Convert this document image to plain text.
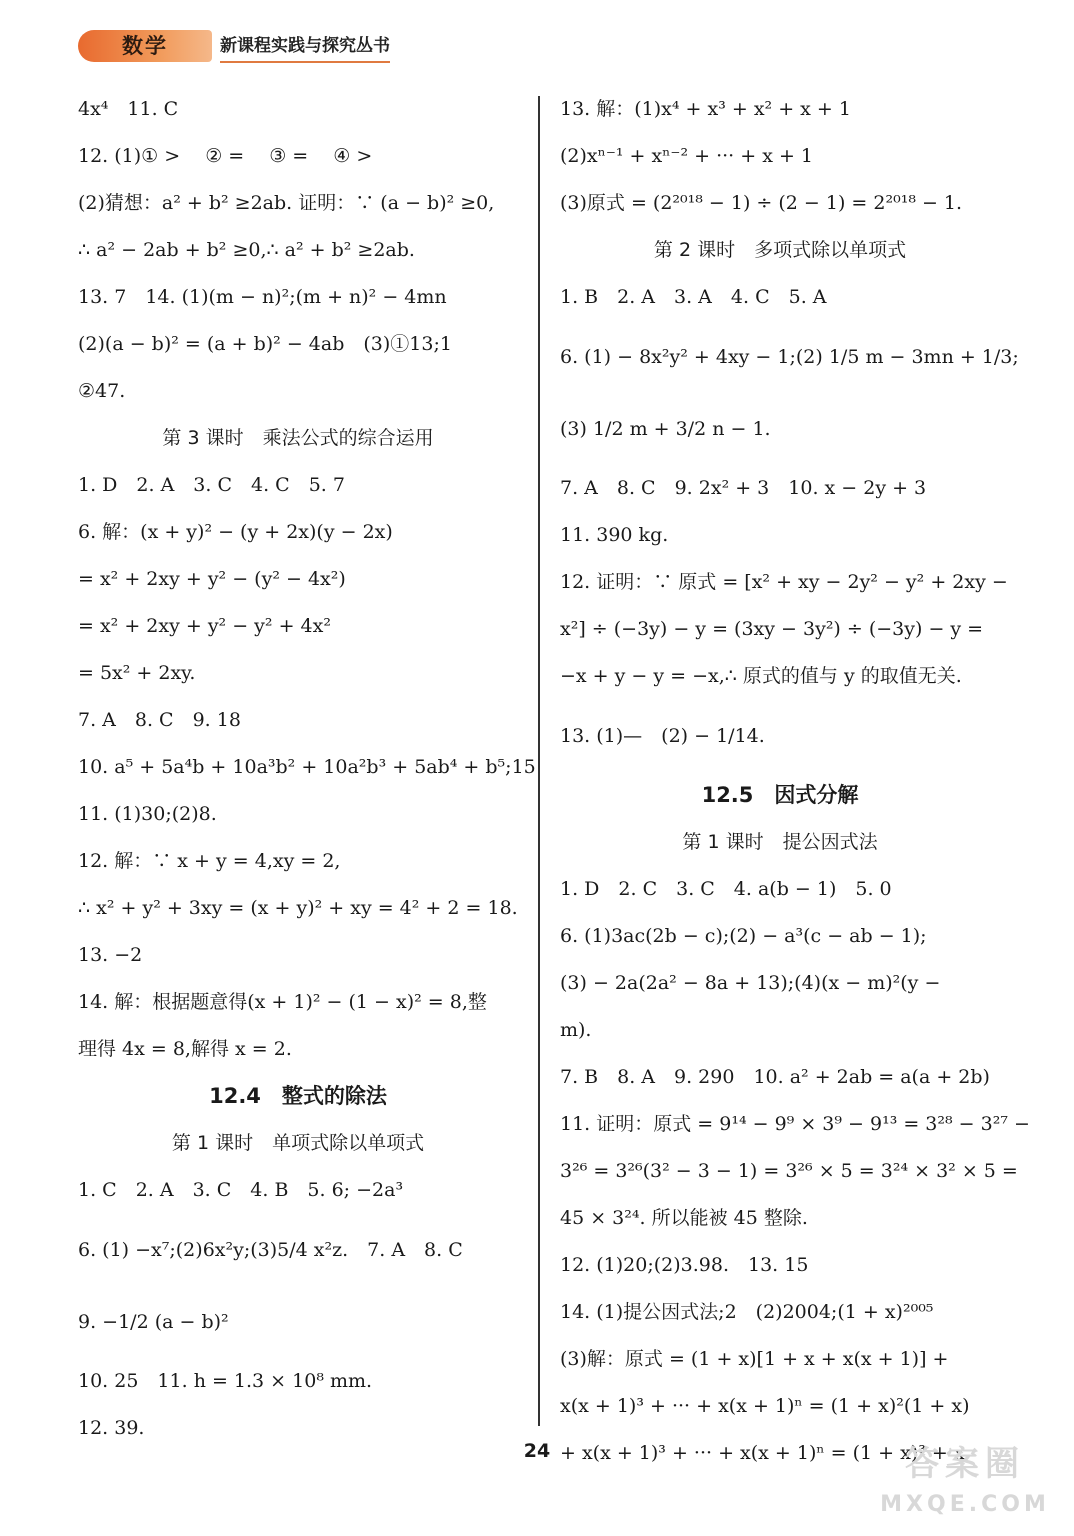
数学	新课程实践与探究丛书
4x⁴　11. C
12. (1)① >　 ② =　 ③ =　 ④ >
(2)猜想：a² + b² ≥2ab. 证明：∵ (a − b)² ≥0,
∴ a² − 2ab + b² ≥0,∴ a² + b² ≥2ab.
13. 7　14. (1)(m − n)²;(m + n)² − 4mn
(2)(a − b)² = (a + b)² − 4ab　(3)①13;1
②47.
第 3 课时　乘法公式的综合运用
1. D　2. A　3. C　4. C　5. 7
6. 解：(x + y)² − (y + 2x)(y − 2x)
= x² + 2xy + y² − (y² − 4x²)
= x² + 2xy + y² − y² + 4x²
= 5x² + 2xy.
7. A　8. C　9. 18
10. a⁵ + 5a⁴b + 10a³b² + 10a²b³ + 5ab⁴ + b⁵;15
11. (1)30;(2)8.
12. 解：∵ x + y = 4,xy = 2,
∴ x² + y² + 3xy = (x + y)² + xy = 4² + 2 = 18.
13. −2
14. 解：根据题意得(x + 1)² − (1 − x)² = 8,整
理得 4x = 8,解得 x = 2.
12.4　整式的除法
第 1 课时　单项式除以单项式
1. C　2. A　3. C　4. B　5. 6; −2a³
6. (1) −x⁷;(2)6x²y;(3)5/4 x²z.　7. A　8. C
9. −1/2 (a − b)²
10. 25　11. h = 1.3 × 10⁸ mm.
12. 39.
13. 解：(1)x⁴ + x³ + x² + x + 1
(2)xⁿ⁻¹ + xⁿ⁻² + ··· + x + 1
(3)原式 = (2²⁰¹⁸ − 1) ÷ (2 − 1) = 2²⁰¹⁸ − 1.
第 2 课时　多项式除以单项式
1. B　2. A　3. A　4. C　5. A
6. (1) − 8x²y² + 4xy − 1;(2) 1/5 m − 3mn + 1/3;
(3) 1/2 m + 3/2 n − 1.
7. A　8. C　9. 2x² + 3　10. x − 2y + 3
11. 390 kg.
12. 证明：∵ 原式 = [x² + xy − 2y² − y² + 2xy −
x²] ÷ (−3y) − y = (3xy − 3y²) ÷ (−3y) − y =
−x + y − y = −x,∴ 原式的值与 y 的取值无关.
13. (1)—　(2) − 1/14.
12.5　因式分解
第 1 课时　提公因式法
1. D　2. C　3. C　4. a(b − 1)　5. 0
6. (1)3ac(2b − c);(2) − a³(c − ab − 1);
(3) − 2a(2a² − 8a + 13);(4)(x − m)²(y −
m).
7. B　8. A　9. 290　10. a² + 2ab = a(a + 2b)
11. 证明：原式 = 9¹⁴ − 9⁹ × 3⁹ − 9¹³ = 3²⁸ − 3²⁷ −
3²⁶ = 3²⁶(3² − 3 − 1) = 3²⁶ × 5 = 3²⁴ × 3² × 5 =
45 × 3²⁴. 所以能被 45 整除.
12. (1)20;(2)3.98.　13. 15
14. (1)提公因式法;2　(2)2004;(1 + x)²⁰⁰⁵
(3)解：原式 = (1 + x)[1 + x + x(x + 1)] +
x(x + 1)³ + ··· + x(x + 1)ⁿ = (1 + x)²(1 + x)
+ x(x + 1)³ + ··· + x(x + 1)ⁿ = (1 + x)³ + x
24	答案圈
MXQE.COM
